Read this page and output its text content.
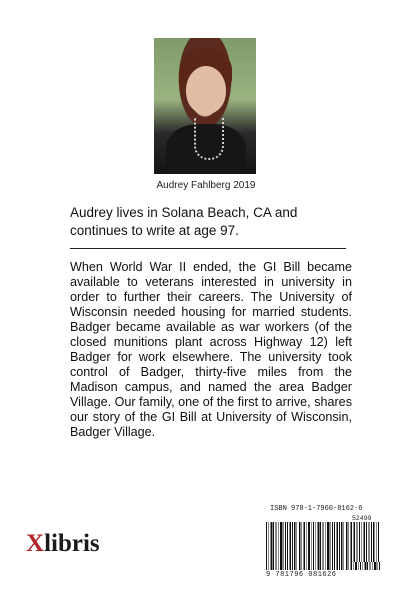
Audrey Fahlberg 2019
Audrey lives in Solana Beach, CA and continues to write at age 97.
When World War II ended, the GI Bill became available to veterans interested in university in order to further their careers. The University of Wisconsin needed housing for married students. Badger became available as war workers (of the closed munitions plant across Highway 12) left Badger for work elsewhere. The university took control of Badger, thirty-five miles from the Madison campus, and named the area Badger Village. Our family, one of the first to arrive, shares our story of the GI Bill at University of Wisconsin, Badger Village.
Xlibris
ISBN 978-1-7960-8162-6
52499
9 781796 081626
